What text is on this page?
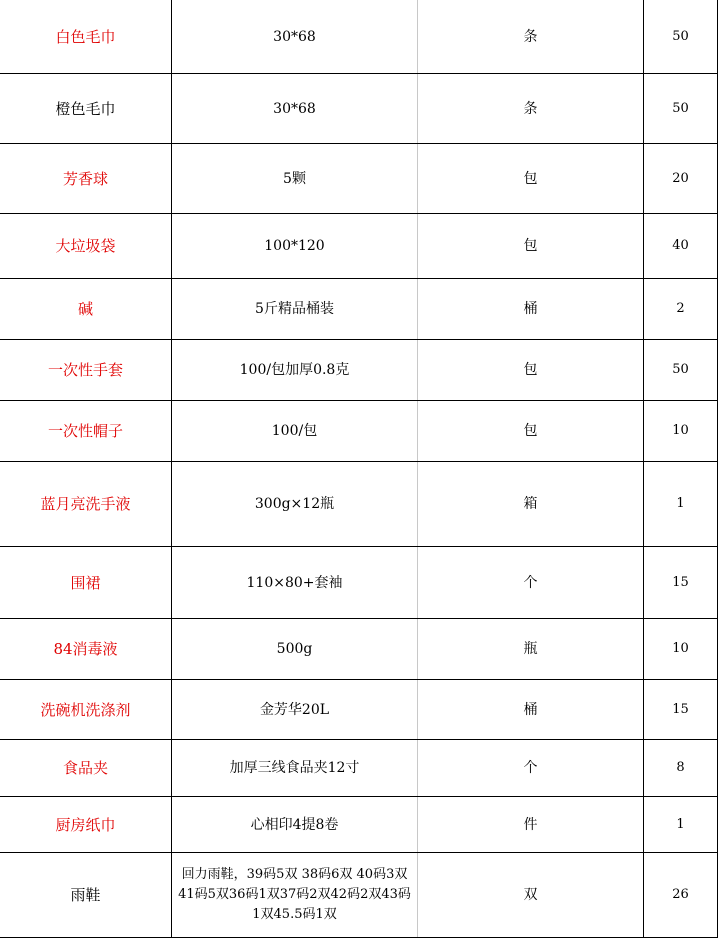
白色毛巾	30*68	条	50
橙色毛巾	30*68	条	50
芳香球	5颗	包	20
大垃圾袋	100*120	包	40
碱	5斤精品桶装	桶	2
一次性手套	100/包加厚0.8克	包	50
一次性帽子	100/包	包	10
蓝月亮洗手液	300g×12瓶	箱	1
围裙	110×80+套袖	个	15
84消毒液	500g	瓶	10
洗碗机洗涤剂	金芳华20L	桶	15
食品夹	加厚三线食品夹12寸	个	8
厨房纸巾	心相印4提8卷	件	1
雨鞋	回力雨鞋，39码5双 38码6双 40码3双 41码5双36码1双37码2双42码2双43码1双45.5码1双	双	26
